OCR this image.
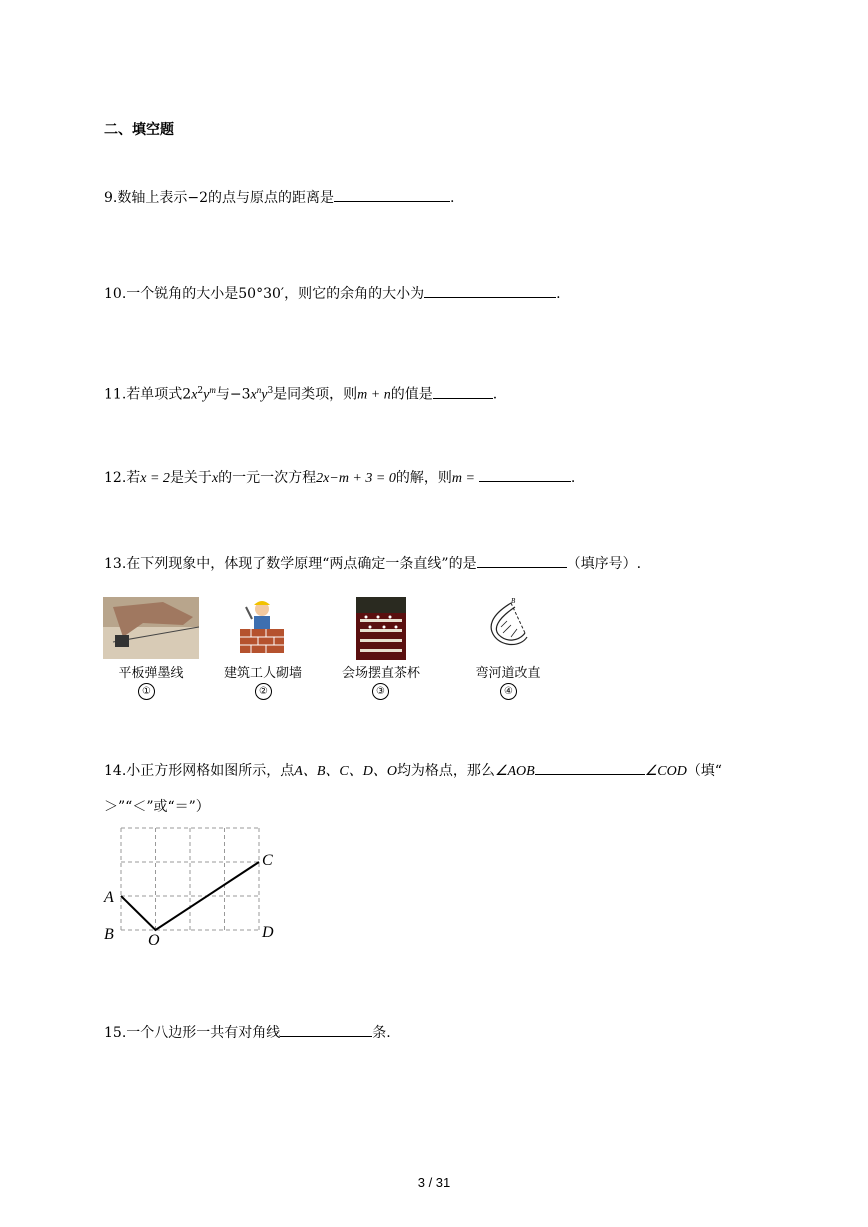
二、填空题
9.数轴上表示−2的点与原点的距离是	.
10.一个锐角的大小是50°30′，则它的余角的大小为	.
11.若单项式$2x^2y^m$与$-3x^ny^3$是同类项，则m + n的值是	.
12.若x = 2是关于x的一元一次方程2x−m + 3 = 0的解，则m =	.
13.在下列现象中，体现了数学原理“两点确定一条直线”的是	（填序号）.
B
平板弹墨线	建筑工人砌墙	会场摆直茶杯	弯河道改直
①	②	③	④
14.小正方形网格如图所示，点A、B、C、D、O均为格点，那么∠AOB	∠COD（填“
＞”“＜”或“＝”）
A
B O
C
D
15.一个八边形一共有对角线	条.
3 / 31
